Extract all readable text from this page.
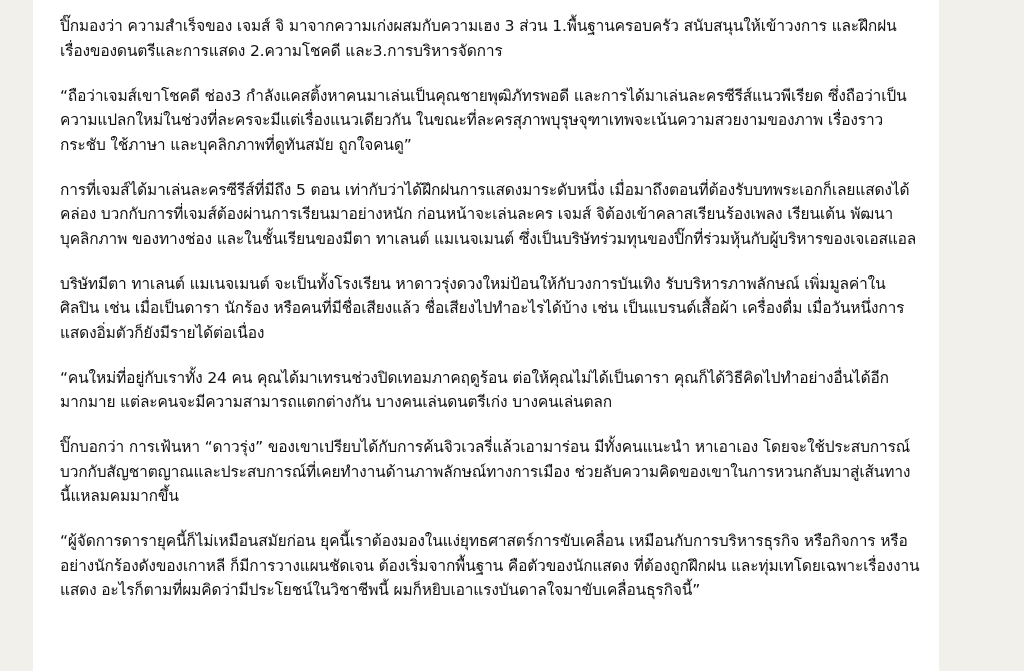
ปิ๊กมองว่า ความสำเร็จของ เจมส์ จิ มาจากความเก่งผสมกับความเฮง 3 ส่วน 1.พื้นฐานครอบครัว สนับสนุนให้เข้าวงการ และฝึกฝนเรื่องของดนตรีและการแสดง 2.ความโชคดี และ3.การบริหารจัดการ

“ถือว่าเจมส์เขาโชคดี ช่อง3 กำลังแคสติ้งหาคนมาเล่นเป็นคุณชายพุฒิภัทรพอดี และการได้มาเล่นละครซีรีส์แนวพีเรียด ซึ่งถือว่าเป็นความแปลกใหม่ในช่วงที่ละครจะมีแต่เรื่องแนวเดียวกัน ในขณะที่ละครสุภาพบุรุษจุฑาเทพจะเน้นความสวยงามของภาพ เรื่องราวกระชับ ใช้ภาษา และบุคลิกภาพที่ดูทันสมัย ถูกใจคนดู”

การที่เจมส์ได้มาเล่นละครซีรีส์ที่มีถึง 5 ตอน เท่ากับว่าได้ฝึกฝนการแสดงมาระดับหนึ่ง เมื่อมาถึงตอนที่ต้องรับบทพระเอกก็เลยแสดงได้คล่อง บวกกับการที่เจมส์ต้องผ่านการเรียนมาอย่างหนัก ก่อนหน้าจะเล่นละคร เจมส์ จิต้องเข้าคลาสเรียนร้องเพลง เรียนเต้น พัฒนาบุคลิกภาพ ของทางช่อง และในชั้นเรียนของมีตา ทาเลนต์ แมเนจเมนต์ ซึ่งเป็นบริษัทร่วมทุนของปิ๊กที่ร่วมหุ้นกับผู้บริหารของเจเอสแอล

บริษัทมีตา ทาเลนต์ แมเนจเมนต์ จะเป็นทั้งโรงเรียน หาดาวรุ่งดวงใหม่ป้อนให้กับวงการบันเทิง รับบริหารภาพลักษณ์ เพิ่มมูลค่าในศิลปิน เช่น เมื่อเป็นดารา นักร้อง หรือคนที่มีชื่อเสียงแล้ว ชื่อเสียงไปทำอะไรได้บ้าง เช่น เป็นแบรนด์เสื้อผ้า เครื่องดื่ม เมื่อวันหนึ่งการแสดงอิ่มตัวก็ยังมีรายได้ต่อเนื่อง

“คนใหม่ที่อยู่กับเราทั้ง 24 คน คุณได้มาเทรนช่วงปิดเทอมภาคฤดูร้อน ต่อให้คุณไม่ได้เป็นดารา คุณก็ได้วิธีคิดไปทำอย่างอื่นได้อีกมากมาย แต่ละคนจะมีความสามารถแตกต่างกัน บางคนเล่นดนตรีเก่ง บางคนเล่นตลก

ปิ๊กบอกว่า การเฟ้นหา “ดาวรุ่ง” ของเขาเปรียบได้กับการค้นจิวเวลรี่แล้วเอามาร่อน มีทั้งคนแนะนำ หาเอาเอง โดยจะใช้ประสบการณ์ บวกกับสัญชาตญาณและประสบการณ์ที่เคยทำงานด้านภาพลักษณ์ทางการเมือง ช่วยลับความคิดของเขาในการหวนกลับมาสู่เส้นทางนี้แหลมคมมากขึ้น

“ผู้จัดการดารายุคนี้ก็ไม่เหมือนสมัยก่อน ยุคนี้เราต้องมองในแง่ยุทธศาสตร์การขับเคลื่อน เหมือนกับการบริหารธุรกิจ หรือกิจการ หรืออย่างนักร้องดังของเกาหลี ก็มีการวางแผนชัดเจน ต้องเริ่มจากพื้นฐาน คือตัวของนักแสดง ที่ต้องถูกฝึกฝน และทุ่มเทโดยเฉพาะเรื่องงานแสดง อะไรก็ตามที่ผมคิดว่ามีประโยชน์ในวิชาชีพนี้ ผมก็หยิบเอาแรงบันดาลใจมาขับเคลื่อนธุรกิจนี้”
